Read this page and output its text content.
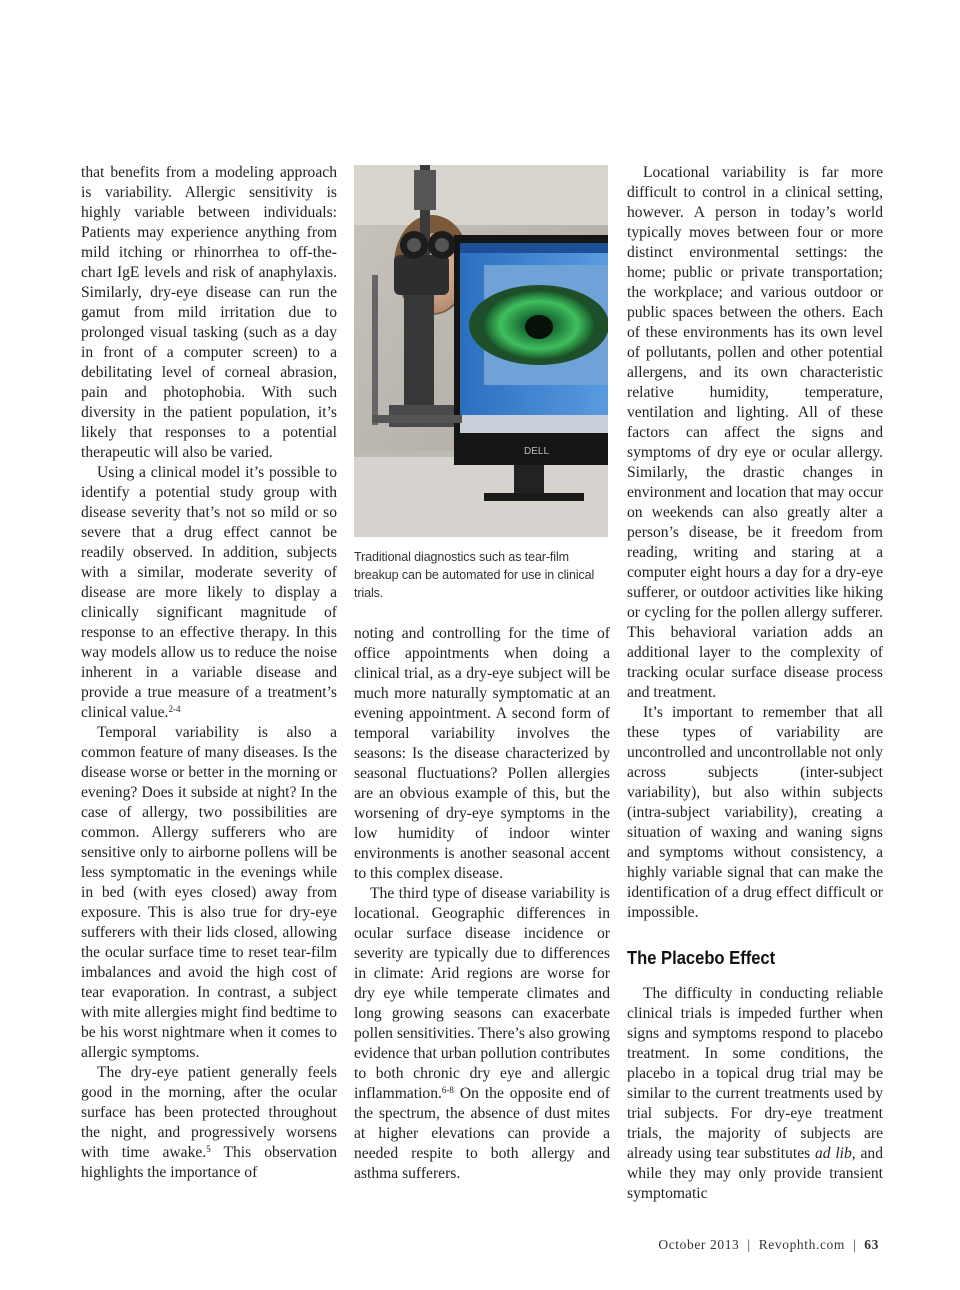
that benefits from a modeling approach is variability. Allergic sensitivity is highly variable between individuals: Patients may experience anything from mild itching or rhinorrhea to off-the-chart IgE levels and risk of anaphylaxis. Similarly, dry-eye disease can run the gamut from mild irritation due to prolonged visual tasking (such as a day in front of a computer screen) to a debilitating level of corneal abrasion, pain and photophobia. With such diversity in the patient population, it’s likely that responses to a potential therapeutic will also be varied.

Using a clinical model it’s possible to identify a potential study group with disease severity that’s not so mild or so severe that a drug effect cannot be readily observed. In addition, subjects with a similar, moderate severity of disease are more likely to display a clinically significant magnitude of response to an effective therapy. In this way models allow us to reduce the noise inherent in a variable disease and provide a true measure of a treatment’s clinical value.$^{2-4}$

Temporal variability is also a common feature of many diseases. Is the disease worse or better in the morning or evening? Does it subside at night? In the case of allergy, two possibilities are common. Allergy sufferers who are sensitive only to airborne pollens will be less symptomatic in the evenings while in bed (with eyes closed) away from exposure. This is also true for dry-eye sufferers with their lids closed, allowing the ocular surface time to reset tear-film imbalances and avoid the high cost of tear evaporation. In contrast, a subject with mite allergies might find bedtime to be his worst nightmare when it comes to allergic symptoms.

The dry-eye patient generally feels good in the morning, after the ocular surface has been protected throughout the night, and progressively worsens with time awake.$^5$ This observation highlights the importance of

DELL
Traditional diagnostics such as tear-film breakup can be automated for use in clinical trials.

noting and controlling for the time of office appointments when doing a clinical trial, as a dry-eye subject will be much more naturally symptomatic at an evening appointment. A second form of temporal variability involves the seasons: Is the disease characterized by seasonal fluctuations? Pollen allergies are an obvious example of this, but the worsening of dry-eye symptoms in the low humidity of indoor winter environments is another seasonal accent to this complex disease.

The third type of disease variability is locational. Geographic differences in ocular surface disease incidence or severity are typically due to differences in climate: Arid regions are worse for dry eye while temperate climates and long growing seasons can exacerbate pollen sensitivities. There’s also growing evidence that urban pollution contributes to both chronic dry eye and allergic inflammation.$^{6-8}$ On the opposite end of the spectrum, the absence of dust mites at higher elevations can provide a needed respite to both allergy and asthma sufferers.

Locational variability is far more difficult to control in a clinical setting, however. A person in today’s world typically moves between four or more distinct environmental settings: the home; public or private transportation; the workplace; and various outdoor or public spaces between the others. Each of these environments has its own level of pollutants, pollen and other potential allergens, and its own characteristic relative humidity, temperature, ventilation and lighting. All of these factors can affect the signs and symptoms of dry eye or ocular allergy. Similarly, the drastic changes in environment and location that may occur on weekends can also greatly alter a person’s disease, be it freedom from reading, writing and staring at a computer eight hours a day for a dry-eye sufferer, or outdoor activities like hiking or cycling for the pollen allergy sufferer. This behavioral variation adds an additional layer to the complexity of tracking ocular surface disease process and treatment.

It’s important to remember that all these types of variability are uncontrolled and uncontrollable not only across subjects (inter-subject variability), but also within subjects (intra-subject variability), creating a situation of waxing and waning signs and symptoms without consistency, a highly variable signal that can make the identification of a drug effect difficult or impossible.

The Placebo Effect

The difficulty in conducting reliable clinical trials is impeded further when signs and symptoms respond to placebo treatment. In some conditions, the placebo in a topical drug trial may be similar to the current treatments used by trial subjects. For dry-eye treatment trials, the majority of subjects are already using tear substitutes ad lib, and while they may only provide transient symptomatic

October 2013 | Revophth.com | 63
